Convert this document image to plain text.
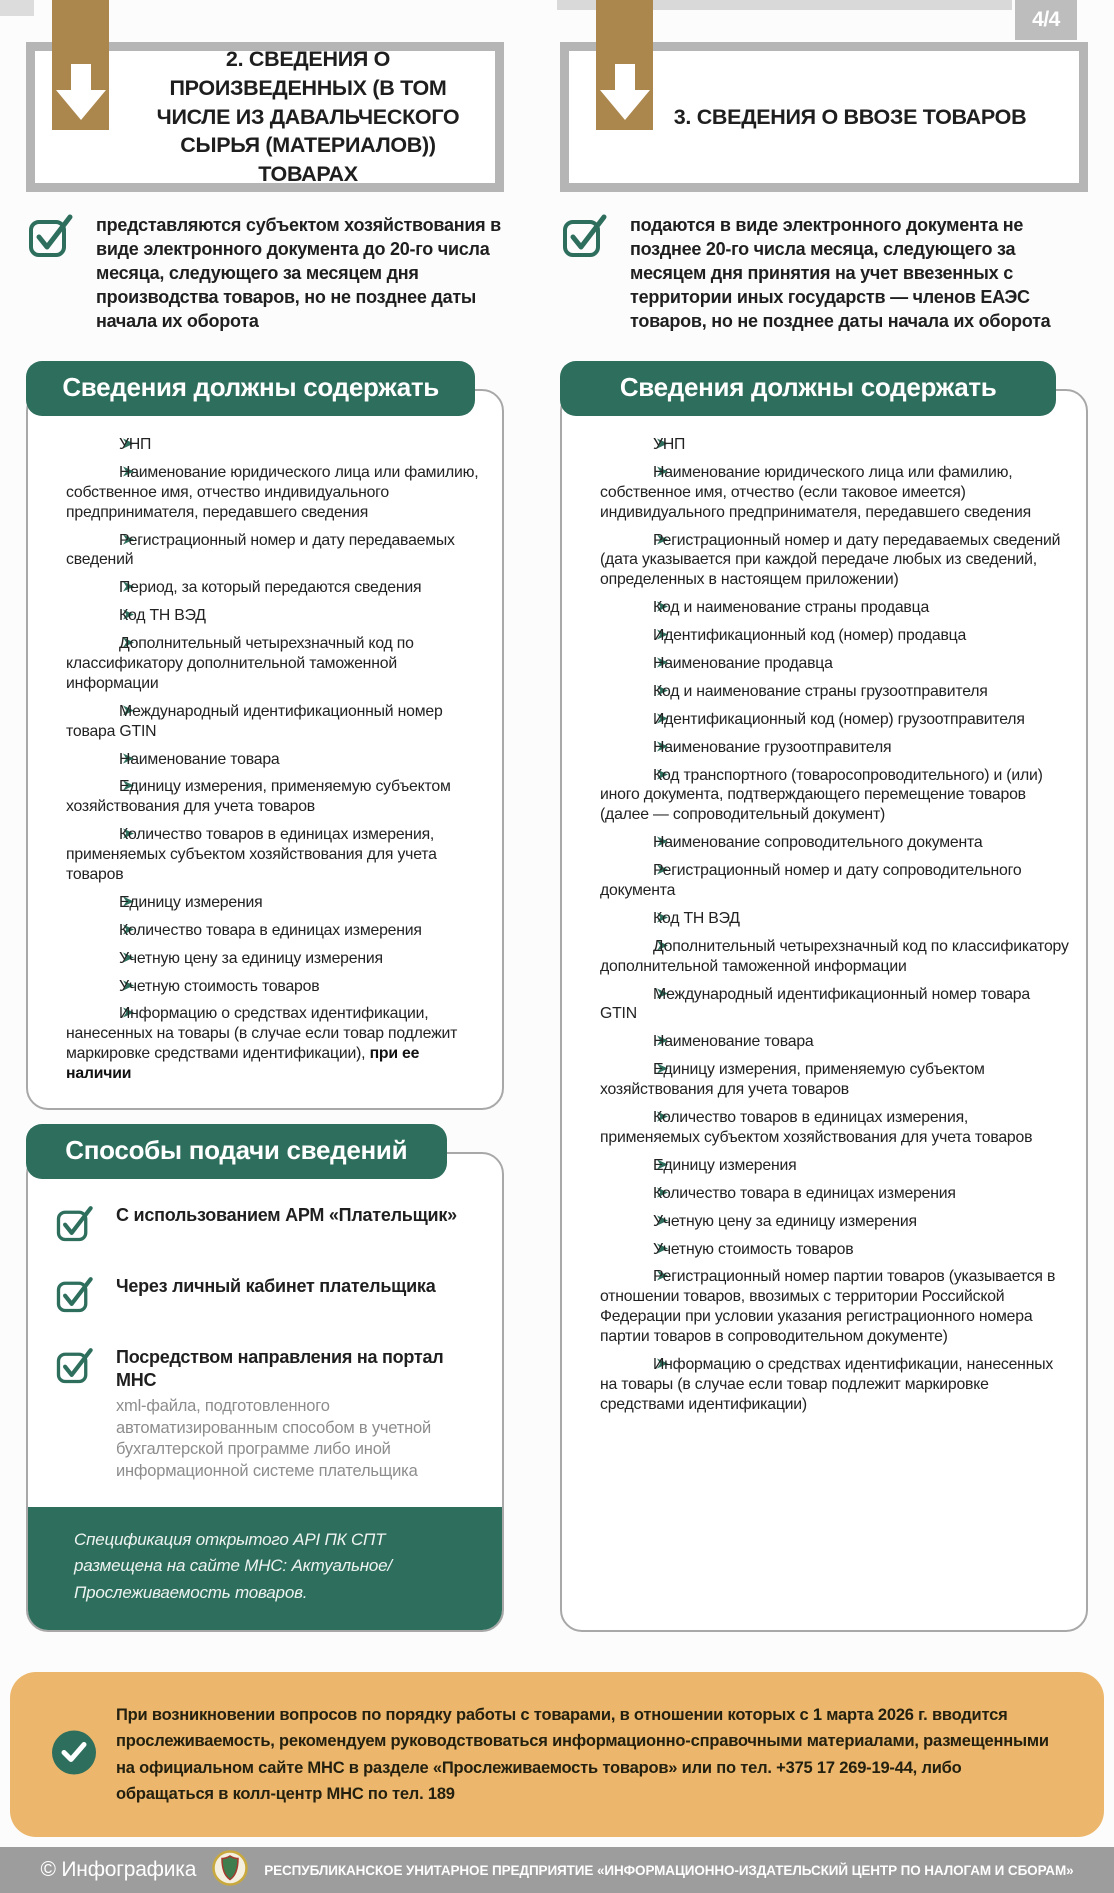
4/4
2. СВЕДЕНИЯ О ПРОИЗВЕДЕННЫХ (В ТОМ ЧИСЛЕ ИЗ ДАВАЛЬЧЕСКОГО СЫРЬЯ (МАТЕРИАЛОВ)) ТОВАРАХ

представляются субъектом хозяйствования в виде электронного документа до 20-го числа месяца, следующего за месяцем дня производства товаров, но не позднее даты начала их оборота

Сведения должны содержать
УНП
Наименование юридического лица или фамилию, собственное имя, отчество индивидуального предпринимателя, передавшего сведения
Регистрационный номер и дату передаваемых сведений
Период, за который передаются сведения
Код ТН ВЭД
Дополнительный четырехзначный код по классификатору дополнительной таможенной информации
Международный идентификационный номер товара GTIN
Наименование товара
Единицу измерения, применяемую субъектом хозяйствования для учета товаров
Количество товаров в единицах измерения, применяемых субъектом хозяйствования для учета товаров
Единицу измерения
Количество товара в единицах измерения
Учетную цену за единицу измерения
Учетную стоимость товаров
Информацию о средствах идентификации, нанесенных на товары (в случае если товар подлежит маркировке средствами идентификации), при ее наличии
Способы подачи сведений
С использованием АРМ «Плательщик»
Через личный кабинет плательщика
Посредством направления на портал МНС
xml-файла, подготовленного автоматизированным способом в учетной бухгалтерской программе либо иной информационной системе плательщика
Спецификация открытого API ПК СПТ размещена на сайте МНС: Актуальное/Прослеживаемость товаров.
3. СВЕДЕНИЯ О ВВОЗЕ ТОВАРОВ

подаются в виде электронного документа не позднее 20-го числа месяца, следующего за месяцем дня принятия на учет ввезенных с территории иных государств — членов ЕАЭС товаров, но не позднее даты начала их оборота

Сведения должны содержать
УНП
Наименование юридического лица или фамилию, собственное имя, отчество (если таковое имеется) индивидуального предпринимателя, передавшего сведения
Регистрационный номер и дату передаваемых сведений (дата указывается при каждой передаче любых из сведений, определенных в настоящем приложении)
Код и наименование страны продавца
Идентификационный код (номер) продавца
Наименование продавца
Код и наименование страны грузоотправителя
Идентификационный код (номер) грузоотправителя
Наименование грузоотправителя
Код транспортного (товаросопроводительного) и (или) иного документа, подтверждающего перемещение товаров (далее — сопроводительный документ)
Наименование сопроводительного документа
Регистрационный номер и дату сопроводительного документа
Код ТН ВЭД
Дополнительный четырехзначный код по классификатору дополнительной таможенной информации
Международный идентификационный номер товара GTIN
Наименование товара
Единицу измерения, применяемую субъектом хозяйствования для учета товаров
Количество товаров в единицах измерения, применяемых субъектом хозяйствования для учета товаров
Единицу измерения
Количество товара в единицах измерения
Учетную цену за единицу измерения
Учетную стоимость товаров
Регистрационный номер партии товаров (указывается в отношении товаров, ввозимых с территории Российской Федерации при условии указания регистрационного номера партии товаров в сопроводительном документе)
Информацию о средствах идентификации, нанесенных на товары (в случае если товар подлежит маркировке средствами идентификации)

При возникновении вопросов по порядку работы с товарами, в отношении которых с 1 марта 2026 г. вводится прослеживаемость, рекомендуем руководствоваться информационно-справочными материалами, размещенными на официальном сайте МНС в разделе «Прослеживаемость товаров» или по тел. +375 17 269-19-44, либо обращаться в колл-центр МНС по тел. 189

© Инфографика	РЕСПУБЛИКАНСКОЕ УНИТАРНОЕ ПРЕДПРИЯТИЕ «ИНФОРМАЦИОННО-ИЗДАТЕЛЬСКИЙ ЦЕНТР ПО НАЛОГАМ И СБОРАМ»
